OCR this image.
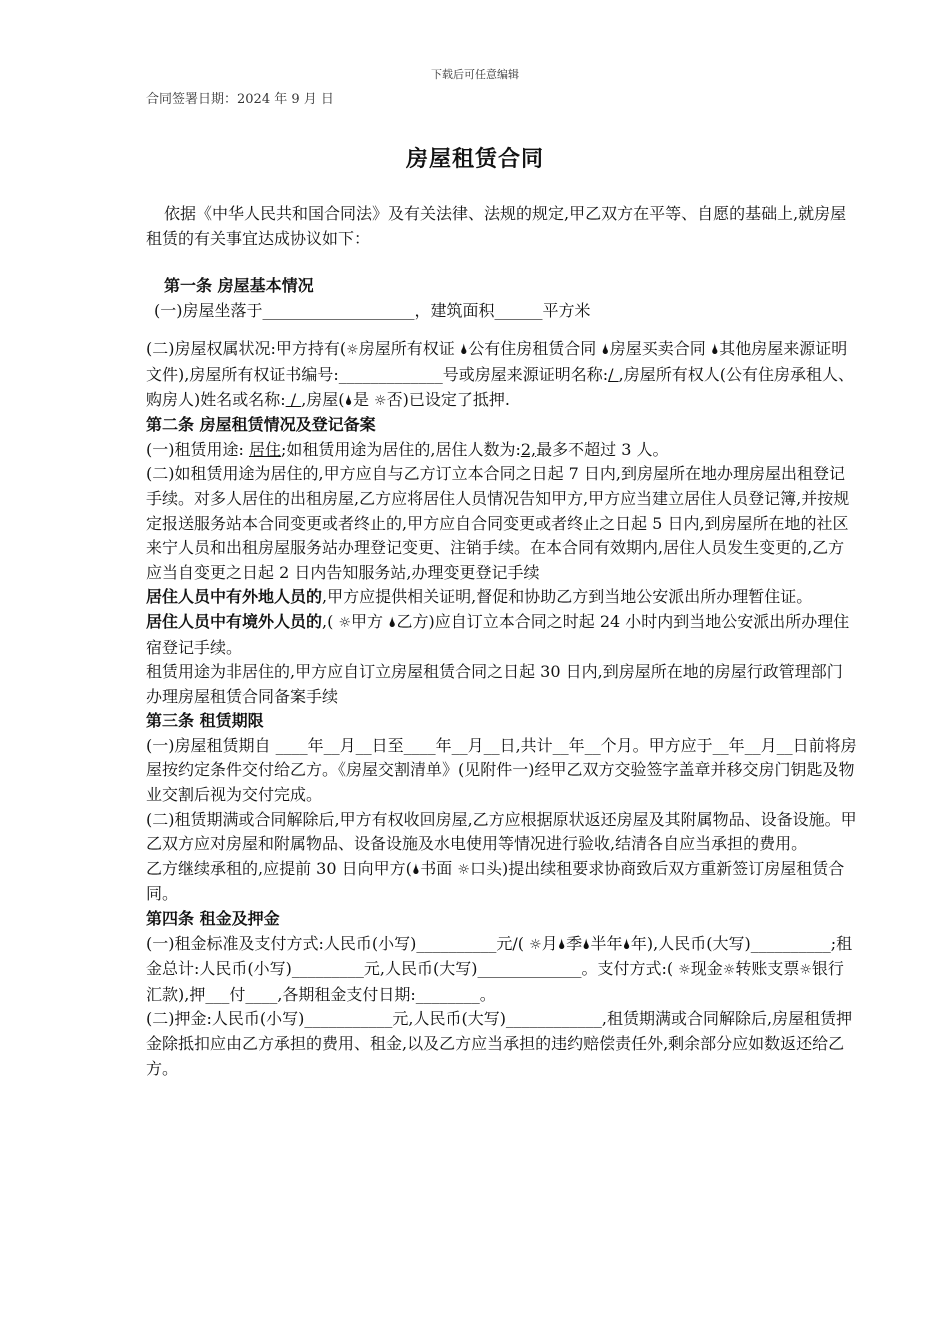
下载后可任意编辑
合同签署日期：2024 年 9 月 日
房屋租赁合同

依据《中华人民共和国合同法》及有关法律、法规的规定,甲乙双方在平等、自愿的基础上,就房屋租赁的有关事宜达成协议如下：

第一条 房屋基本情况

(一)房屋坐落于___________________，建筑面积______平方米

(二)房屋权属状况:甲方持有(☼房屋所有权证 🌢公有住房租赁合同 🌢房屋买卖合同 🌢其他房屋来源证明文件),房屋所有权证书编号:_____________号或房屋来源证明名称:/ ,房屋所有权人(公有住房承租人、购房人)姓名或名称: / ,房屋(🌢是 ☼否)已设定了抵押.

第二条 房屋租赁情况及登记备案

(一)租赁用途: 居住;如租赁用途为居住的,居住人数为:2,最多不超过 3 人。

(二)如租赁用途为居住的,甲方应自与乙方订立本合同之日起 7 日内,到房屋所在地办理房屋出租登记手续。对多人居住的出租房屋,乙方应将居住人员情况告知甲方,甲方应当建立居住人员登记簿,并按规定报送服务站本合同变更或者终止的,甲方应自合同变更或者终止之日起 5 日内,到房屋所在地的社区来宁人员和出租房屋服务站办理登记变更、注销手续。在本合同有效期内,居住人员发生变更的,乙方应当自变更之日起 2 日内告知服务站,办理变更登记手续

居住人员中有外地人员的,甲方应提供相关证明,督促和协助乙方到当地公安派出所办理暂住证。

居住人员中有境外人员的,( ☼甲方 🌢乙方)应自订立本合同之时起 24 小时内到当地公安派出所办理住宿登记手续。

租赁用途为非居住的,甲方应自订立房屋租赁合同之日起 30 日内,到房屋所在地的房屋行政管理部门办理房屋租赁合同备案手续

第三条 租赁期限

(一)房屋租赁期自 ____年__月__日至____年__月__日,共计__年__个月。甲方应于__年__月__日前将房屋按约定条件交付给乙方。《房屋交割清单》(见附件一)经甲乙双方交验签字盖章并移交房门钥匙及物业交割后视为交付完成。

(二)租赁期满或合同解除后,甲方有权收回房屋,乙方应根据原状返还房屋及其附属物品、设备设施。甲乙双方应对房屋和附属物品、设备设施及水电使用等情况进行验收,结清各自应当承担的费用。

乙方继续承租的,应提前 30 日向甲方(🌢书面 ☼口头)提出续租要求协商致后双方重新签订房屋租赁合同。

第四条 租金及押金

(一)租金标准及支付方式:人民币(小写)__________元/( ☼月🌢季🌢半年🌢年),人民币(大写)__________;租金总计:人民币(小写)_________元,人民币(大写)_____________。支付方式:( ☼现金☼转账支票☼银行汇款),押___付____,各期租金支付日期:________。

(二)押金:人民币(小写)___________元,人民币(大写)____________,租赁期满或合同解除后,房屋租赁押金除抵扣应由乙方承担的费用、租金,以及乙方应当承担的违约赔偿责任外,剩余部分应如数返还给乙方。
